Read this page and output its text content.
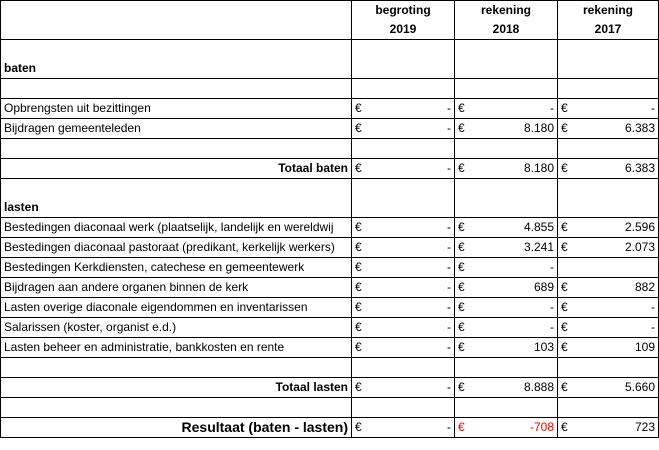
	begroting		rekening		rekening	
	2019		2018		2017	

baten						

Opbrengsten uit bezittingen	€	-	€	-	€	-
Bijdragen gemeenteleden	€	-	€	8.180	€	6.383

Totaal baten	€	-	€	8.180	€	6.383

lasten						
Bestedingen diaconaal werk (plaatselijk, landelijk en wereldwij	€	-	€	4.855	€	2.596
Bestedingen diaconaal pastoraat (predikant, kerkelijk werkers)	€	-	€	3.241	€	2.073
Bestedingen Kerkdiensten, catechese en gemeentewerk	€	-	€	-		
Bijdragen aan andere organen binnen de kerk	€	-	€	689	€	882
Lasten overige diaconale eigendommen en inventarissen	€	-	€	-	€	-
Salarissen (koster, organist e.d.)	€	-	€	-	€	-
Lasten beheer en administratie, bankkosten en rente	€	-	€	103	€	109

Totaal lasten	€	-	€	8.888	€	5.660

Resultaat (baten - lasten)	€	-	€	-708	€	723
